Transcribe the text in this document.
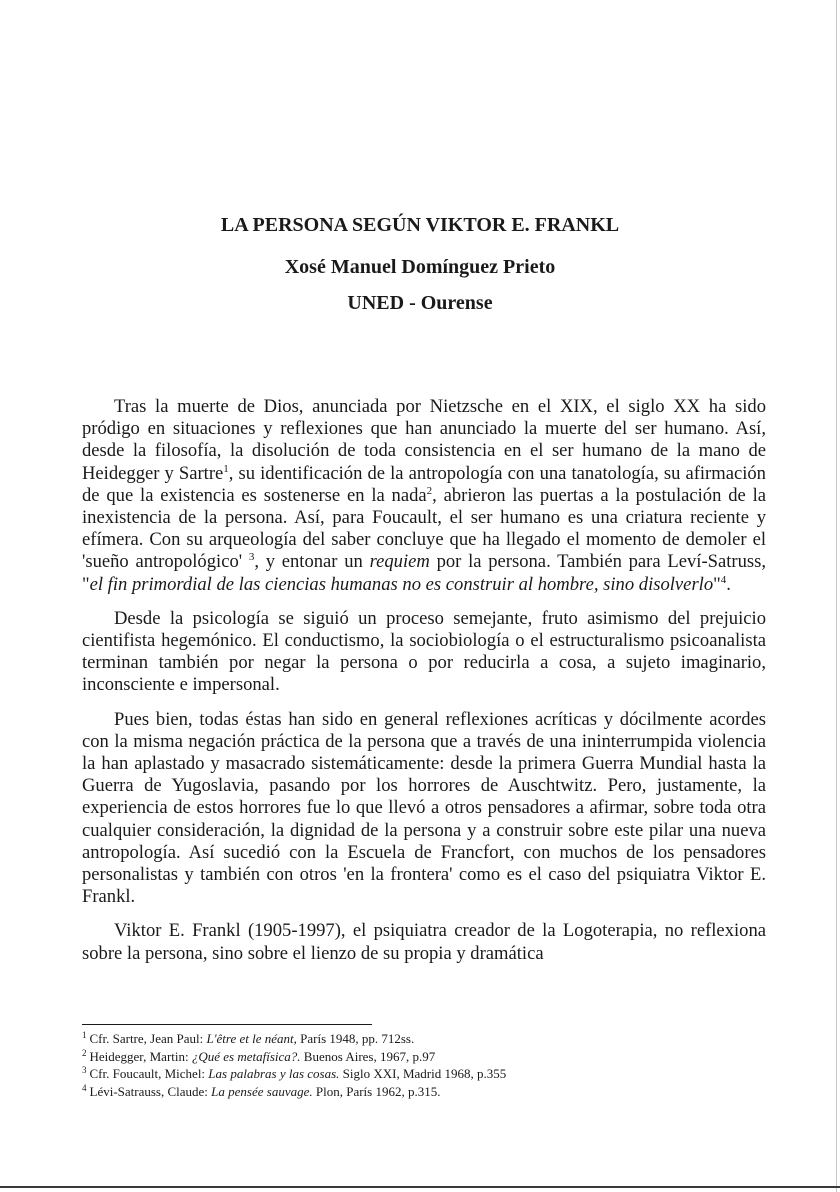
LA PERSONA SEGÚN VIKTOR E. FRANKL
Xosé Manuel Domínguez Prieto
UNED - Ourense

Tras la muerte de Dios, anunciada por Nietzsche en el XIX, el siglo XX ha sido pródigo en situaciones y reflexiones que han anunciado la muerte del ser humano. Así, desde la filosofía, la disolución de toda consistencia en el ser humano de la mano de Heidegger y Sartre$^1$, su identificación de la antropología con una tanatología, su afirmación de que la existencia es sostenerse en la nada$^2$, abrieron las puertas a la postulación de la inexistencia de la persona. Así, para Foucault, el ser humano es una criatura reciente y efímera. Con su arqueología del saber concluye que ha llegado el momento de demoler el 'sueño antropológico' $^3$, y entonar un requiem por la persona. También para Leví-Satruss, "el fin primordial de las ciencias humanas no es construir al hombre, sino disolverlo"$^4$.

Desde la psicología se siguió un proceso semejante, fruto asimismo del prejuicio cientifista hegemónico. El conductismo, la sociobiología o el estructuralismo psicoanalista terminan también por negar la persona o por reducirla a cosa, a sujeto imaginario, inconsciente e impersonal.

Pues bien, todas éstas han sido en general reflexiones acríticas y dócilmente acordes con la misma negación práctica de la persona que a través de una ininterrumpida violencia la han aplastado y masacrado sistemáticamente: desde la primera Guerra Mundial hasta la Guerra de Yugoslavia, pasando por los horrores de Auschtwitz. Pero, justamente, la experiencia de estos horrores fue lo que llevó a otros pensadores a afirmar, sobre toda otra cualquier consideración, la dignidad de la persona y a construir sobre este pilar una nueva antropología. Así sucedió con la Escuela de Francfort, con muchos de los pensadores personalistas y también con otros 'en la frontera' como es el caso del psiquiatra Viktor E. Frankl.

Viktor E. Frankl (1905-1997), el psiquiatra creador de la Logoterapia, no reflexiona sobre la persona, sino sobre el lienzo de su propia y dramática

$^1$ Cfr. Sartre, Jean Paul: L'être et le néant, París 1948, pp. 712ss.
$^2$ Heidegger, Martin: ¿Qué es metafísica?. Buenos Aires, 1967, p.97
$^3$ Cfr. Foucault, Michel: Las palabras y las cosas. Siglo XXI, Madrid 1968, p.355
$^4$ Lévi-Satrauss, Claude: La pensée sauvage. Plon, París 1962, p.315.
